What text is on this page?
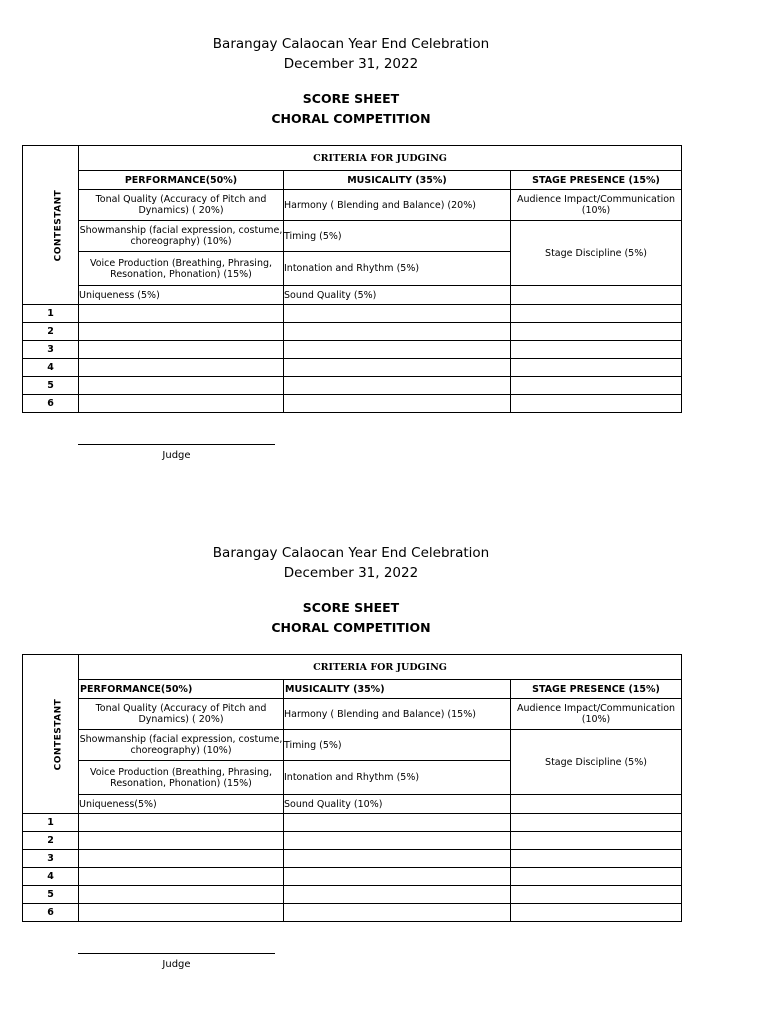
Barangay Calaocan Year End Celebration
December 31, 2022
SCORE SHEET
CHORAL COMPETITION
CONTESTANT	CRITERIA FOR JUDGING		
	PERFORMANCE(50%)	MUSICALITY (35%)	STAGE PRESENCE (15%)
	Tonal Quality (Accuracy of Pitch and Dynamics) ( 20%)	Harmony ( Blending and Balance) (20%)	Audience Impact/Communication (10%)
	Showmanship (facial expression, costume, choreography) (10%)	Timing (5%)	Stage Discipline (5%)
	Voice Production (Breathing, Phrasing, Resonation, Phonation) (15%)	Intonation and Rhythm (5%)	
	Uniqueness (5%)	Sound Quality (5%)	
1			
2			
3			
4			
5			
6			
Judge
Barangay Calaocan Year End Celebration
December 31, 2022
SCORE SHEET
CHORAL COMPETITION
CONTESTANT	CRITERIA FOR JUDGING		
	PERFORMANCE(50%)	MUSICALITY (35%)	STAGE PRESENCE (15%)
	Tonal Quality (Accuracy of Pitch and Dynamics) ( 20%)	Harmony ( Blending and Balance) (15%)	Audience Impact/Communication (10%)
	Showmanship (facial expression, costume, choreography) (10%)	Timing (5%)	Stage Discipline (5%)
	Voice Production (Breathing, Phrasing, Resonation, Phonation) (15%)	Intonation and Rhythm (5%)	
	Uniqueness(5%)	Sound Quality (10%)	
1			
2			
3			
4			
5			
6			
Judge
